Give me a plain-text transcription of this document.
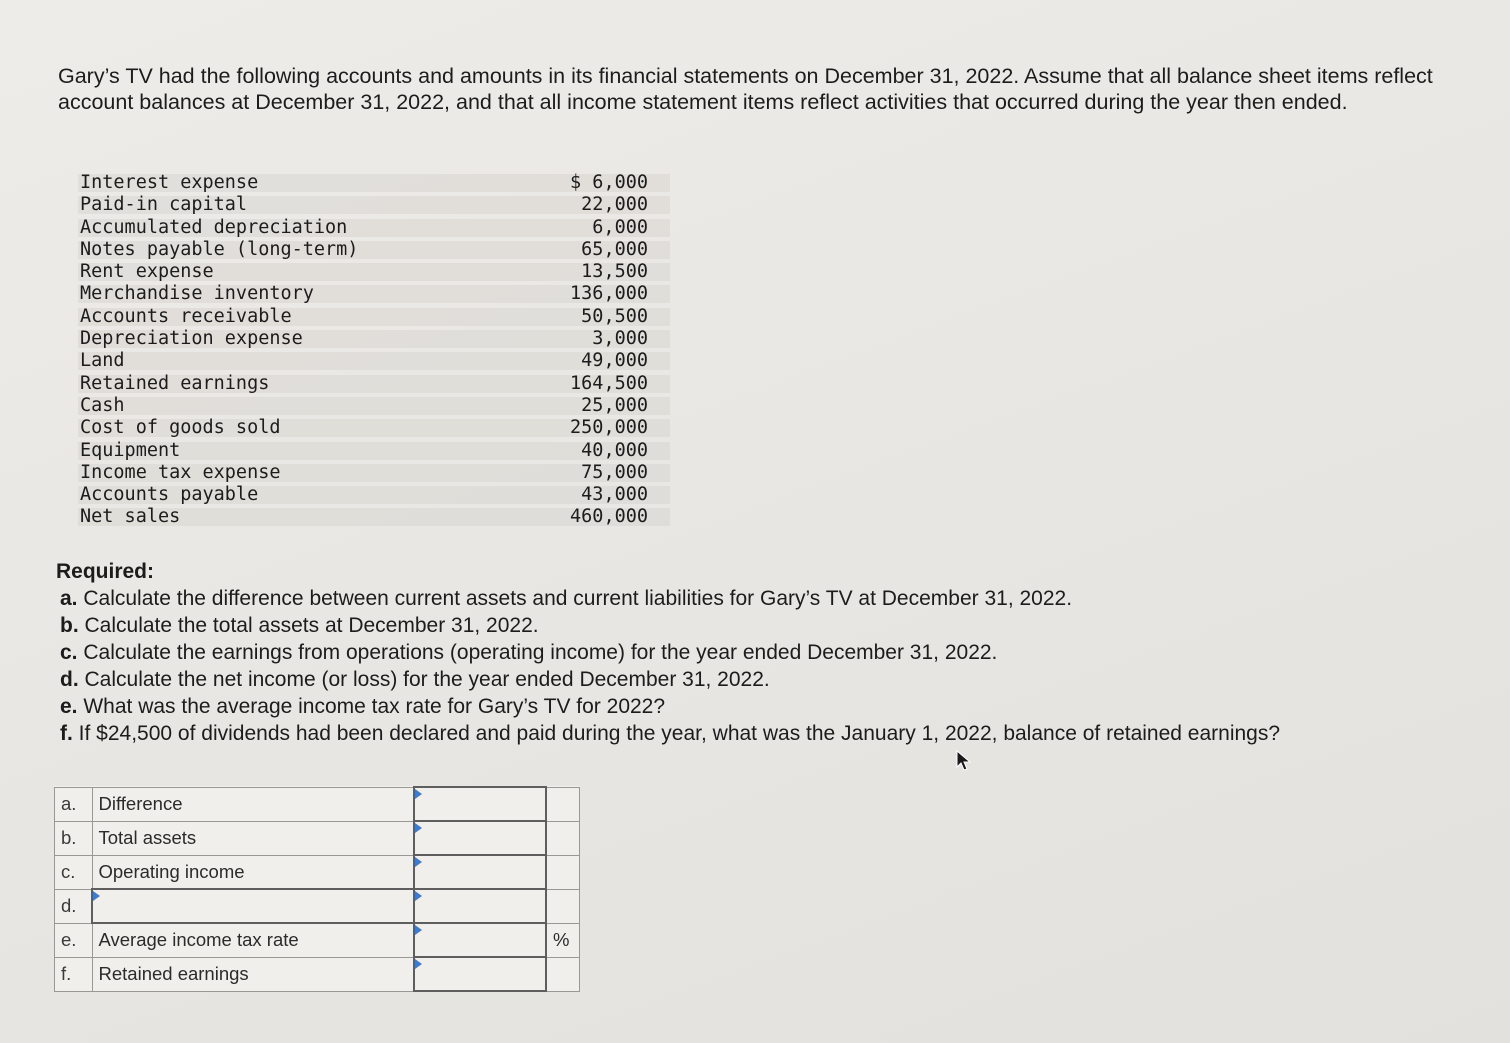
Gary’s TV had the following accounts and amounts in its financial statements on December 31, 2022. Assume that all balance sheet items reflect account balances at December 31, 2022, and that all income statement items reflect activities that occurred during the year then ended.

Interest expense	$ 6,000
Paid-in capital	22,000
Accumulated depreciation	6,000
Notes payable (long-term)	65,000
Rent expense	13,500
Merchandise inventory	136,000
Accounts receivable	50,500
Depreciation expense	3,000
Land	49,000
Retained earnings	164,500
Cash	25,000
Cost of goods sold	250,000
Equipment	40,000
Income tax expense	75,000
Accounts payable	43,000
Net sales	460,000
Required:
a. Calculate the difference between current assets and current liabilities for Gary’s TV at December 31, 2022.
b. Calculate the total assets at December 31, 2022.
c. Calculate the earnings from operations (operating income) for the year ended December 31, 2022.
d. Calculate the net income (or loss) for the year ended December 31, 2022.
e. What was the average income tax rate for Gary’s TV for 2022?
f. If $24,500 of dividends had been declared and paid during the year, what was the January 1, 2022, balance of retained earnings?
a.	Difference	

b.	Total assets	

c.	Operating income	

d.	

e.	Average income tax rate		%
f.	Retained earnings	
